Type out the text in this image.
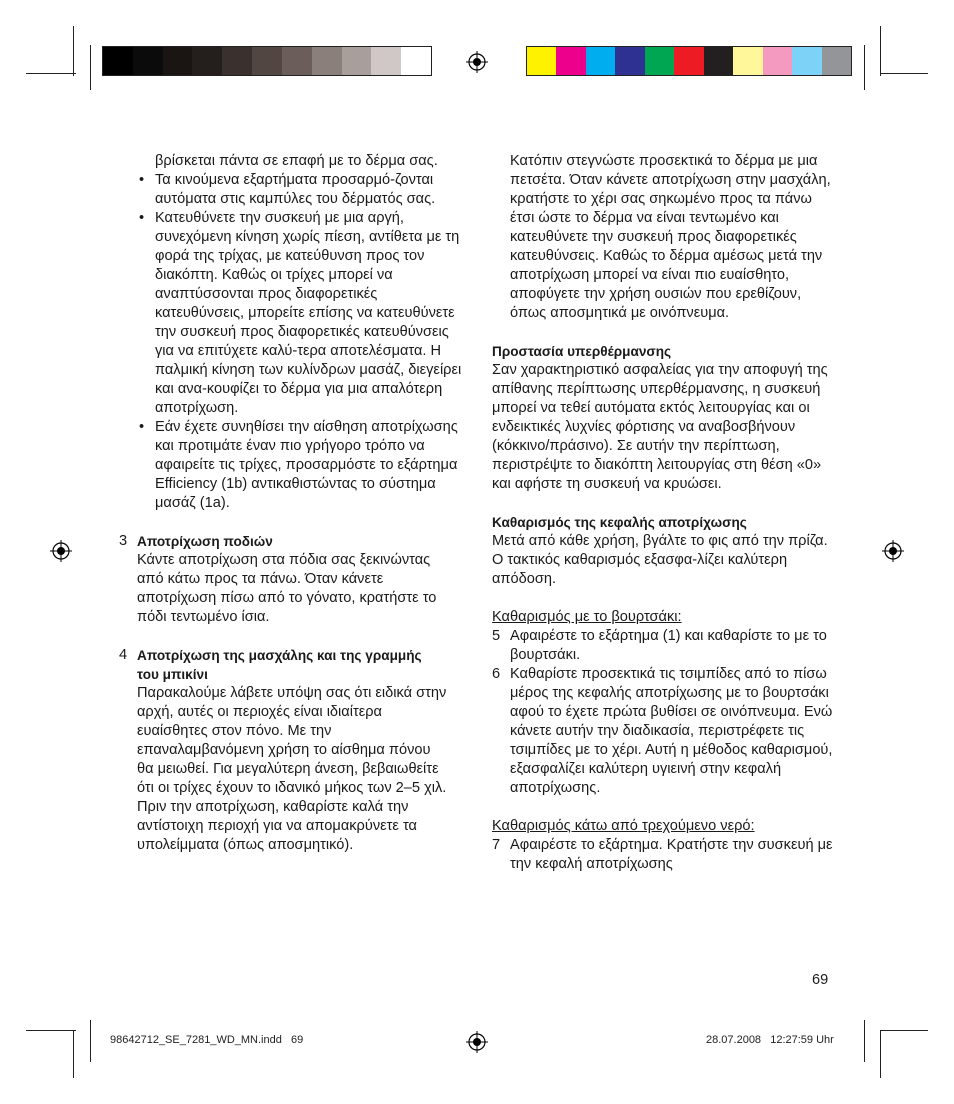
βρίσκεται πάντα σε επαφή με το δέρμα σας.

• Τα κινούμενα εξαρτήματα προσαρμό-ζονται αυτόματα στις καμπύλες του δέρματός σας.
• Κατευθύνετε την συσκευή με μια αργή, συνεχόμενη κίνηση χωρίς πίεση, αντίθετα με τη φορά της τρίχας, με κατεύθυνση προς τον διακόπτη. Καθώς οι τρίχες μπορεί να αναπτύσσονται προς διαφορετικές κατευθύνσεις, μπορείτε επίσης να κατευθύνετε την συσκευή προς διαφορετικές κατευθύνσεις για να επιτύχετε καλύ-τερα αποτελέσματα. Η παλμική κίνηση των κυλίνδρων μασάζ, διεγείρει και ανα-κουφίζει το δέρμα για μια απαλότερη αποτρίχωση.
• Εάν έχετε συνηθίσει την αίσθηση αποτρίχωσης και προτιμάτε έναν πιο γρήγορο τρόπο να αφαιρείτε τις τρίχες, προσαρμόστε το εξάρτημα Efficiency (1b) αντικαθιστώντας το σύστημα μασάζ (1a).
3 Αποτρίχωση ποδιών

Κάντε αποτρίχωση στα πόδια σας ξεκινώντας από κάτω προς τα πάνω. Όταν κάνετε αποτρίχωση πίσω από το γόνατο, κρατήστε το πόδι τεντωμένο ίσια.

4 Αποτρίχωση της μασχάλης και της γραμμής του μπικίνι

Παρακαλούμε λάβετε υπόψη σας ότι ειδικά στην αρχή, αυτές οι περιοχές είναι ιδιαίτερα ευαίσθητες στον πόνο. Με την επαναλαμβανόμενη χρήση το αίσθημα πόνου θα μειωθεί. Για μεγαλύτερη άνεση, βεβαιωθείτε ότι οι τρίχες έχουν το ιδανικό μήκος των 2–5 χιλ.

Πριν την αποτρίχωση, καθαρίστε καλά την αντίστοιχη περιοχή για να απομακρύνετε τα υπολείμματα (όπως αποσμητικό).

Κατόπιν στεγνώστε προσεκτικά το δέρμα με μια πετσέτα. Όταν κάνετε αποτρίχωση στην μασχάλη, κρατήστε το χέρι σας σηκωμένο προς τα πάνω έτσι ώστε το δέρμα να είναι τεντωμένο και κατευθύνετε την συσκευή προς διαφορετικές κατευθύνσεις. Καθώς το δέρμα αμέσως μετά την αποτρίχωση μπορεί να είναι πιο ευαίσθητο, αποφύγετε την χρήση ουσιών που ερεθίζουν, όπως αποσμητικά με οινόπνευμα.

Προστασία υπερθέρμανσης

Σαν χαρακτηριστικό ασφαλείας για την αποφυγή της απίθανης περίπτωσης υπερθέρμανσης, η συσκευή μπορεί να τεθεί αυτόματα εκτός λειτουργίας και οι ενδεικτικές λυχνίες φόρτισης να αναβοσβήνουν (κόκκινο/πράσινο). Σε αυτήν την περίπτωση, περιστρέψτε το διακόπτη λειτουργίας στη θέση «0» και αφήστε τη συσκευή να κρυώσει.

Καθαρισμός της κεφαλής αποτρίχωσης

Μετά από κάθε χρήση, βγάλτε το φις από την πρίζα. Ο τακτικός καθαρισμός εξασφα-λίζει καλύτερη απόδοση.

Καθαρισμός με το βουρτσάκι:

5 Αφαιρέστε το εξάρτημα (1) και καθαρίστε το με το βουρτσάκι.
6 Καθαρίστε προσεκτικά τις τσιμπίδες από το πίσω μέρος της κεφαλής αποτρίχωσης με το βουρτσάκι αφού το έχετε πρώτα βυθίσει σε οινόπνευμα. Ενώ κάνετε αυτήν την διαδικασία, περιστρέφετε τις τσιμπίδες με το χέρι. Αυτή η μέθοδος καθαρισμού, εξασφαλίζει καλύτερη υγιεινή στην κεφαλή αποτρίχωσης.

Καθαρισμός κάτω από τρεχούμενο νερό:

7 Αφαιρέστε το εξάρτημα. Κρατήστε την συσκευή με την κεφαλή αποτρίχωσης
69
98642712_SE_7281_WD_MN.indd   69	28.07.2008   12:27:59 Uhr
